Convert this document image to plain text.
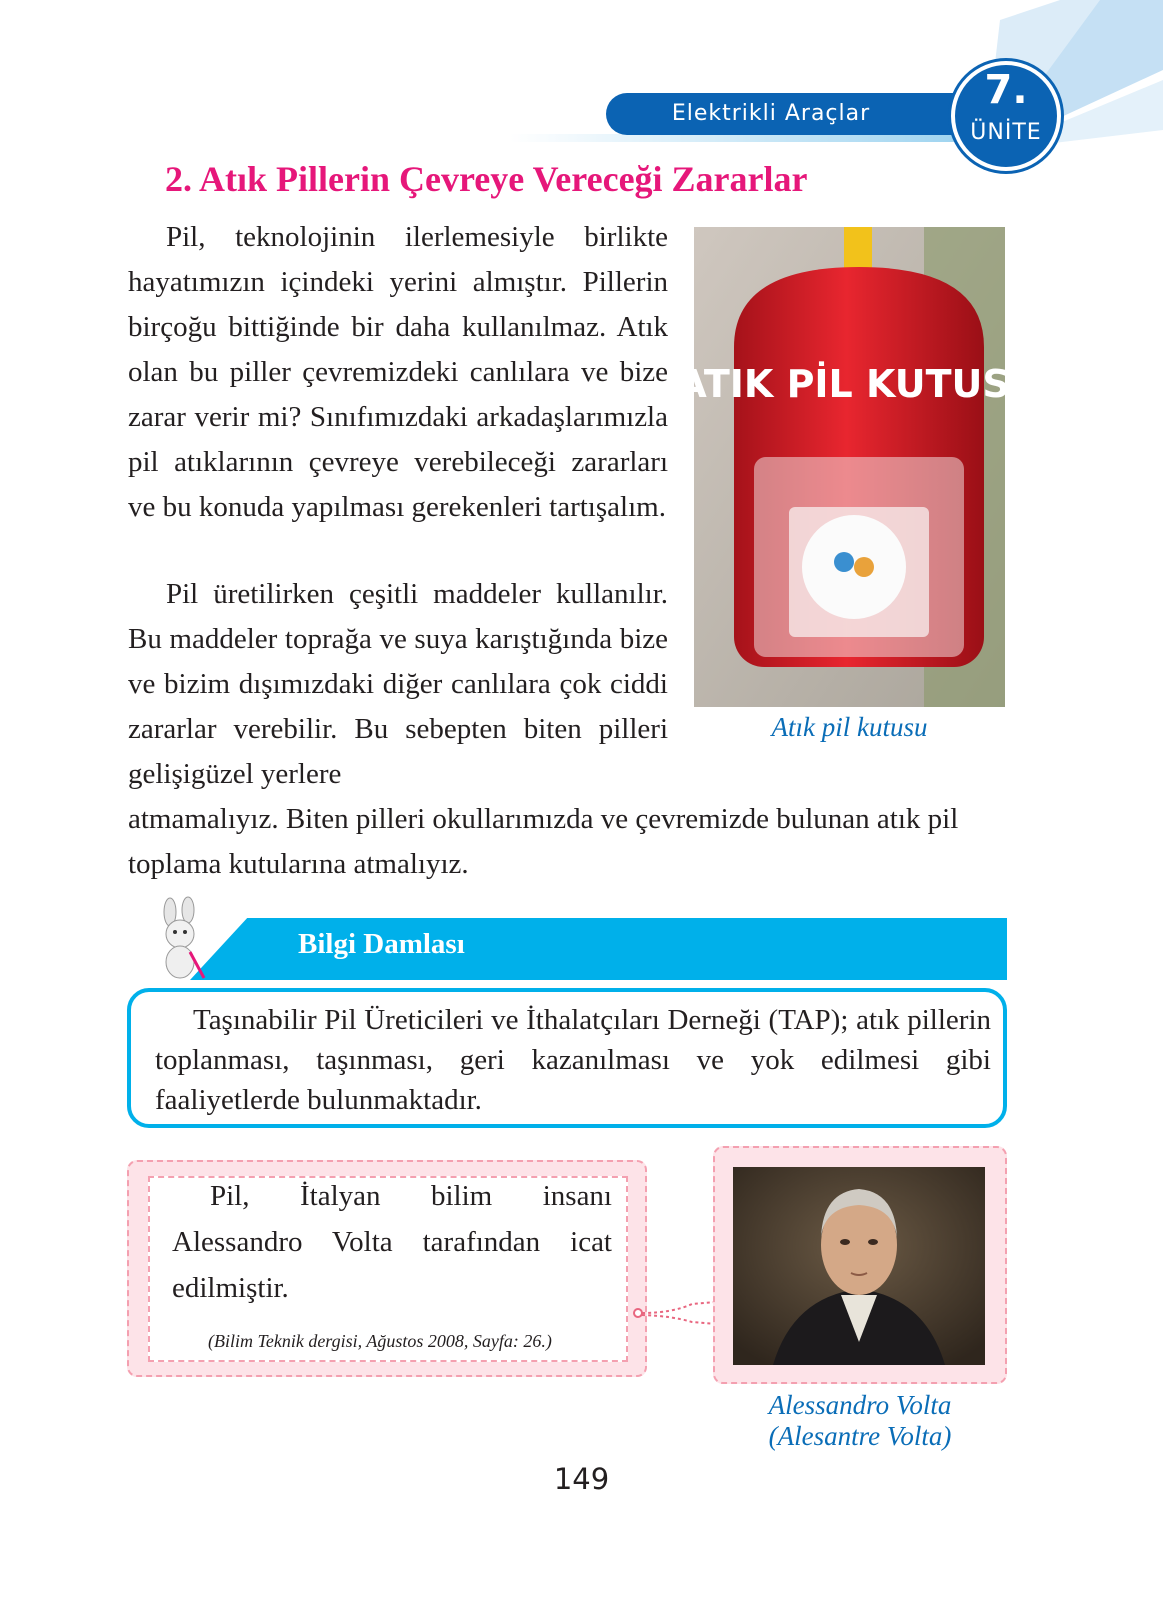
Elektrikli Araçlar
7.
ÜNİTE
2. Atık Pillerin Çevreye Vereceği Zararlar

Pil, teknolojinin ilerlemesiyle birlikte hayatımızın içindeki yerini almıştır. Pillerin birçoğu bittiğinde bir daha kullanılmaz. Atık olan bu piller çevremizdeki canlılara ve bize zarar verir mi? Sınıfımızdaki arkadaşlarımızla pil atıklarının çevreye verebileceği zararları ve bu konuda yapılması gerekenleri tartışalım.

Pil üretilirken çeşitli maddeler kullanılır. Bu maddeler toprağa ve suya karıştığında bize ve bizim dışımızdaki diğer canlılara çok ciddi zararlar verebilir. Bu sebepten biten pilleri gelişigüzel yerlere

atmamalıyız. Biten pilleri okullarımızda ve çevremizde bulunan atık pil toplama kutularına atmalıyız.

ATIK PİL KUTUSU

Atık pil kutusu

Bilgi Damlası

Taşınabilir Pil Üreticileri ve İthalatçıları Derneği (TAP); atık pillerin toplanması, taşınması, geri kazanılması ve yok edilmesi gibi faaliyetlerde bulunmaktadır.

Pil, İtalyan bilim insanı Alessandro Volta tarafından icat edilmiştir.

(Bilim Teknik dergisi, Ağustos 2008, Sayfa: 26.)

Alessandro Volta
(Alesantre Volta)

149
